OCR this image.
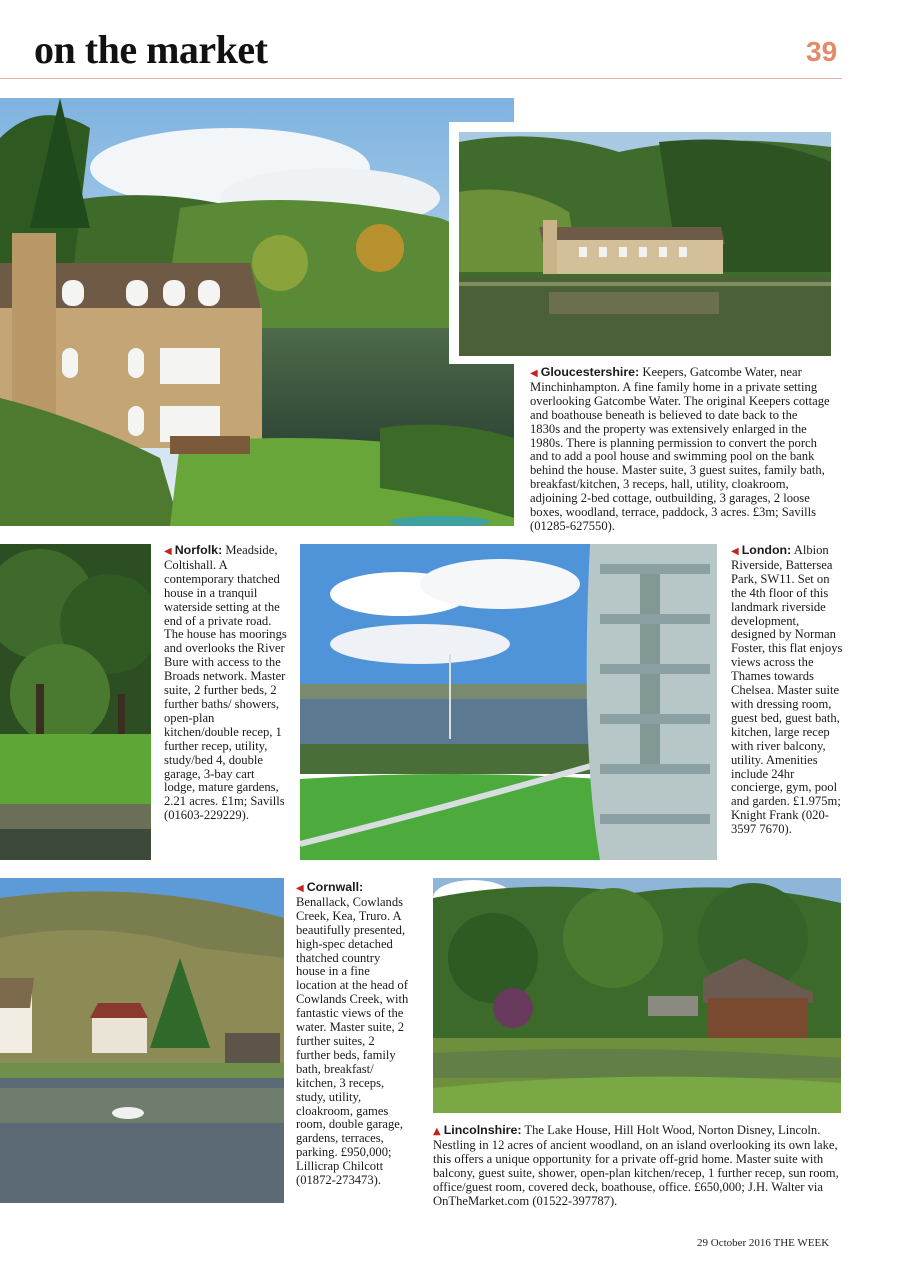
on the market	39
◀ Gloucestershire: Keepers, Gatcombe Water, near Minchinhampton. A fine family home in a private setting overlooking Gatcombe Water. The original Keepers cottage and boathouse beneath is believed to date back to the 1830s and the property was extensively enlarged in the 1980s. There is planning permission to convert the porch and to add a pool house and swimming pool on the bank behind the house. Master suite, 3 guest suites, family bath, breakfast/kitchen, 3 receps, hall, utility, cloakroom, adjoining 2-bed cottage, outbuilding, 3 garages, 2 loose boxes, woodland, terrace, paddock, 3 acres. £3m; Savills (01285-627550).
◀ Norfolk: Meadside, Coltishall. A contemporary thatched house in a tranquil waterside setting at the end of a private road. The house has moorings and overlooks the River Bure with access to the Broads network. Master suite, 2 further beds, 2 further baths/ showers, open-plan kitchen/double recep, 1 further recep, utility, study/bed 4, double garage, 3-bay cart lodge, mature gardens, 2.21 acres. £1m; Savills (01603-229229).
◀ London: Albion Riverside, Battersea Park, SW11. Set on the 4th floor of this landmark riverside development, designed by Norman Foster, this flat enjoys views across the Thames towards Chelsea. Master suite with dressing room, guest bed, guest bath, kitchen, large recep with river balcony, utility. Amenities include 24hr concierge, gym, pool and garden. £1.975m; Knight Frank (020-3597 7670).
◀ Cornwall: Benallack, Cowlands Creek, Kea, Truro. A beautifully presented, high-spec detached thatched country house in a fine location at the head of Cowlands Creek, with fantastic views of the water. Master suite, 2 further suites, 2 further beds, family bath, breakfast/ kitchen, 3 receps, study, utility, cloakroom, games room, double garage, gardens, terraces, parking. £950,000; Lillicrap Chilcott (01872-273473).
▲ Lincolnshire: The Lake House, Hill Holt Wood, Norton Disney, Lincoln. Nestling in 12 acres of ancient woodland, on an island overlooking its own lake, this offers a unique opportunity for a private off-grid home. Master suite with balcony, guest suite, shower, open-plan kitchen/recep, 1 further recep, sun room, office/guest room, covered deck, boathouse, office. £650,000; J.H. Walter via OnTheMarket.com (01522-397787).
29 October 2016 THE WEEK
